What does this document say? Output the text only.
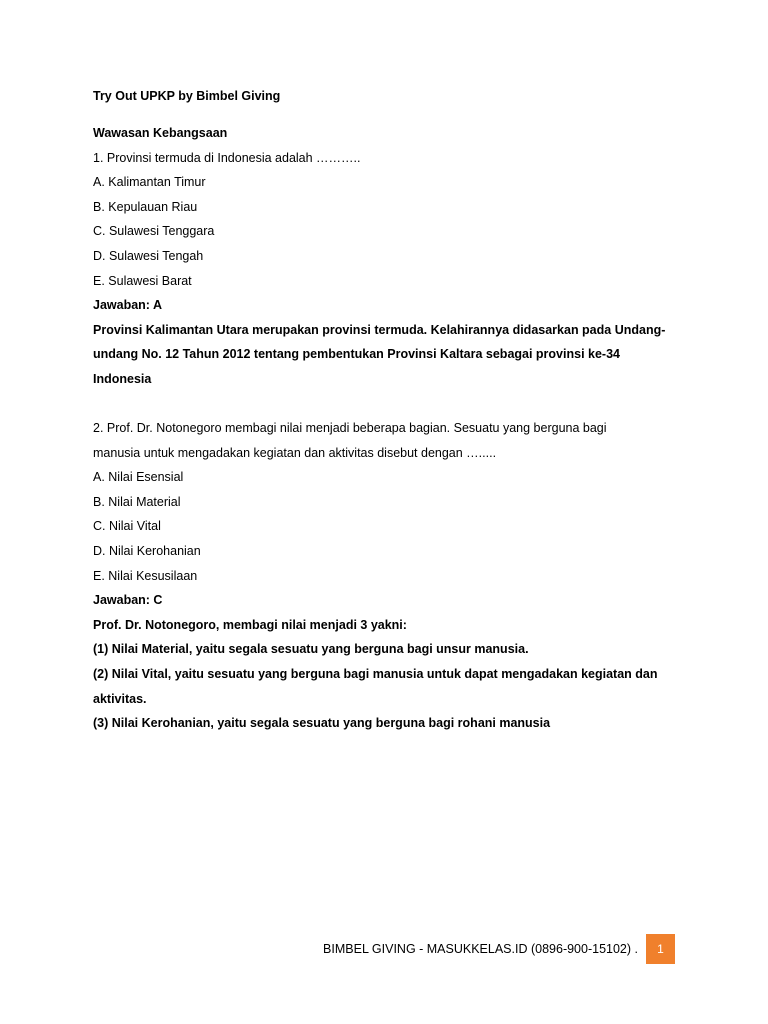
Try Out UPKP by Bimbel Giving
Wawasan Kebangsaan
1. Provinsi termuda di Indonesia adalah ………..
A. Kalimantan Timur
B. Kepulauan Riau
C. Sulawesi Tenggara
D. Sulawesi Tengah
E. Sulawesi Barat
Jawaban: A
Provinsi Kalimantan Utara merupakan provinsi termuda. Kelahirannya didasarkan pada Undang-
undang No. 12 Tahun 2012 tentang pembentukan Provinsi Kaltara sebagai provinsi ke-34
Indonesia
2. Prof. Dr. Notonegoro membagi nilai menjadi beberapa bagian. Sesuatu yang berguna bagi
manusia untuk mengadakan kegiatan dan aktivitas disebut dengan ….....
A. Nilai Esensial
B. Nilai Material
C. Nilai Vital
D. Nilai Kerohanian
E. Nilai Kesusilaan
Jawaban: C
Prof. Dr. Notonegoro, membagi nilai menjadi 3 yakni:
(1) Nilai Material, yaitu segala sesuatu yang berguna bagi unsur manusia.
(2) Nilai Vital, yaitu sesuatu yang berguna bagi manusia untuk dapat mengadakan kegiatan dan
aktivitas.
(3) Nilai Kerohanian, yaitu segala sesuatu yang berguna bagi rohani manusia
BIMBEL GIVING - MASUKKELAS.ID (0896-900-15102) .	1
